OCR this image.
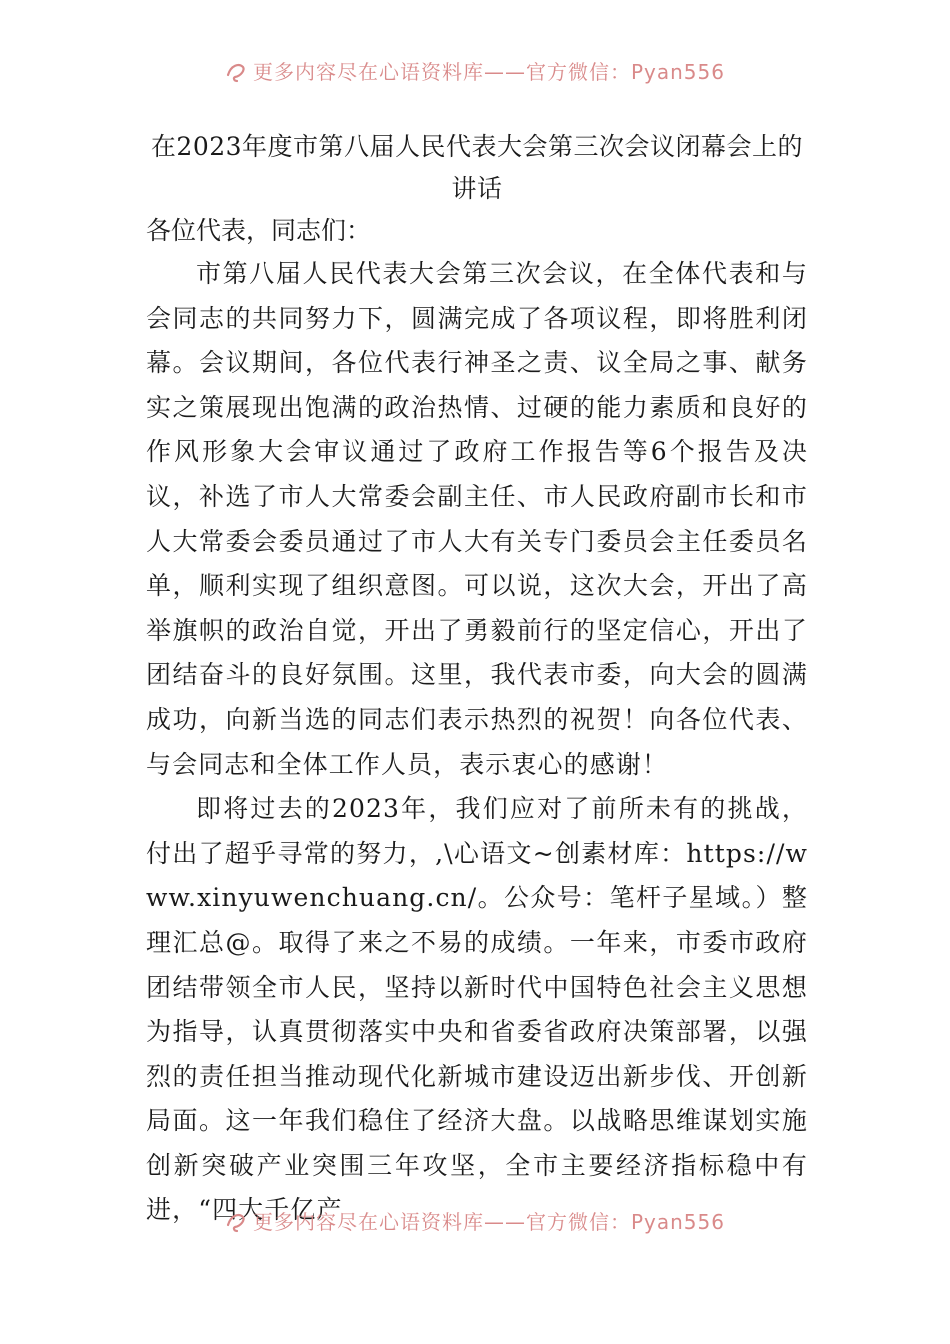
更多内容尽在心语资料库——官方微信：Pyan556
在2023年度市第八届人民代表大会第三次会议闭幕会上的讲话

各位代表，同志们：

市第八届人民代表大会第三次会议，在全体代表和与会同志的共同努力下，圆满完成了各项议程，即将胜利闭幕。会议期间，各位代表行神圣之责、议全局之事、献务实之策展现出饱满的政治热情、过硬的能力素质和良好的作风形象大会审议通过了政府工作报告等6个报告及决议，补选了市人大常委会副主任、市人民政府副市长和市人大常委会委员通过了市人大有关专门委员会主任委员名单，顺利实现了组织意图。可以说，这次大会，开出了高举旗帜的政治自觉，开出了勇毅前行的坚定信心，开出了团结奋斗的良好氛围。这里，我代表市委，向大会的圆满成功，向新当选的同志们表示热烈的祝贺！向各位代表、与会同志和全体工作人员，表示衷心的感谢！

即将过去的2023年，我们应对了前所未有的挑战，付出了超乎寻常的努力，,\心语文~创素材库：https://www.xinyuwenchuang.cn/。公众号：笔杆子星域。）整理汇总@。取得了来之不易的成绩。一年来，市委市政府团结带领全市人民，坚持以新时代中国特色社会主义思想为指导，认真贯彻落实中央和省委省政府决策部署，以强烈的责任担当推动现代化新城市建设迈出新步伐、开创新局面。这一年我们稳住了经济大盘。以战略思维谋划实施创新突破产业突围三年攻坚，全市主要经济指标稳中有进，“四大千亿产

更多内容尽在心语资料库——官方微信：Pyan556
